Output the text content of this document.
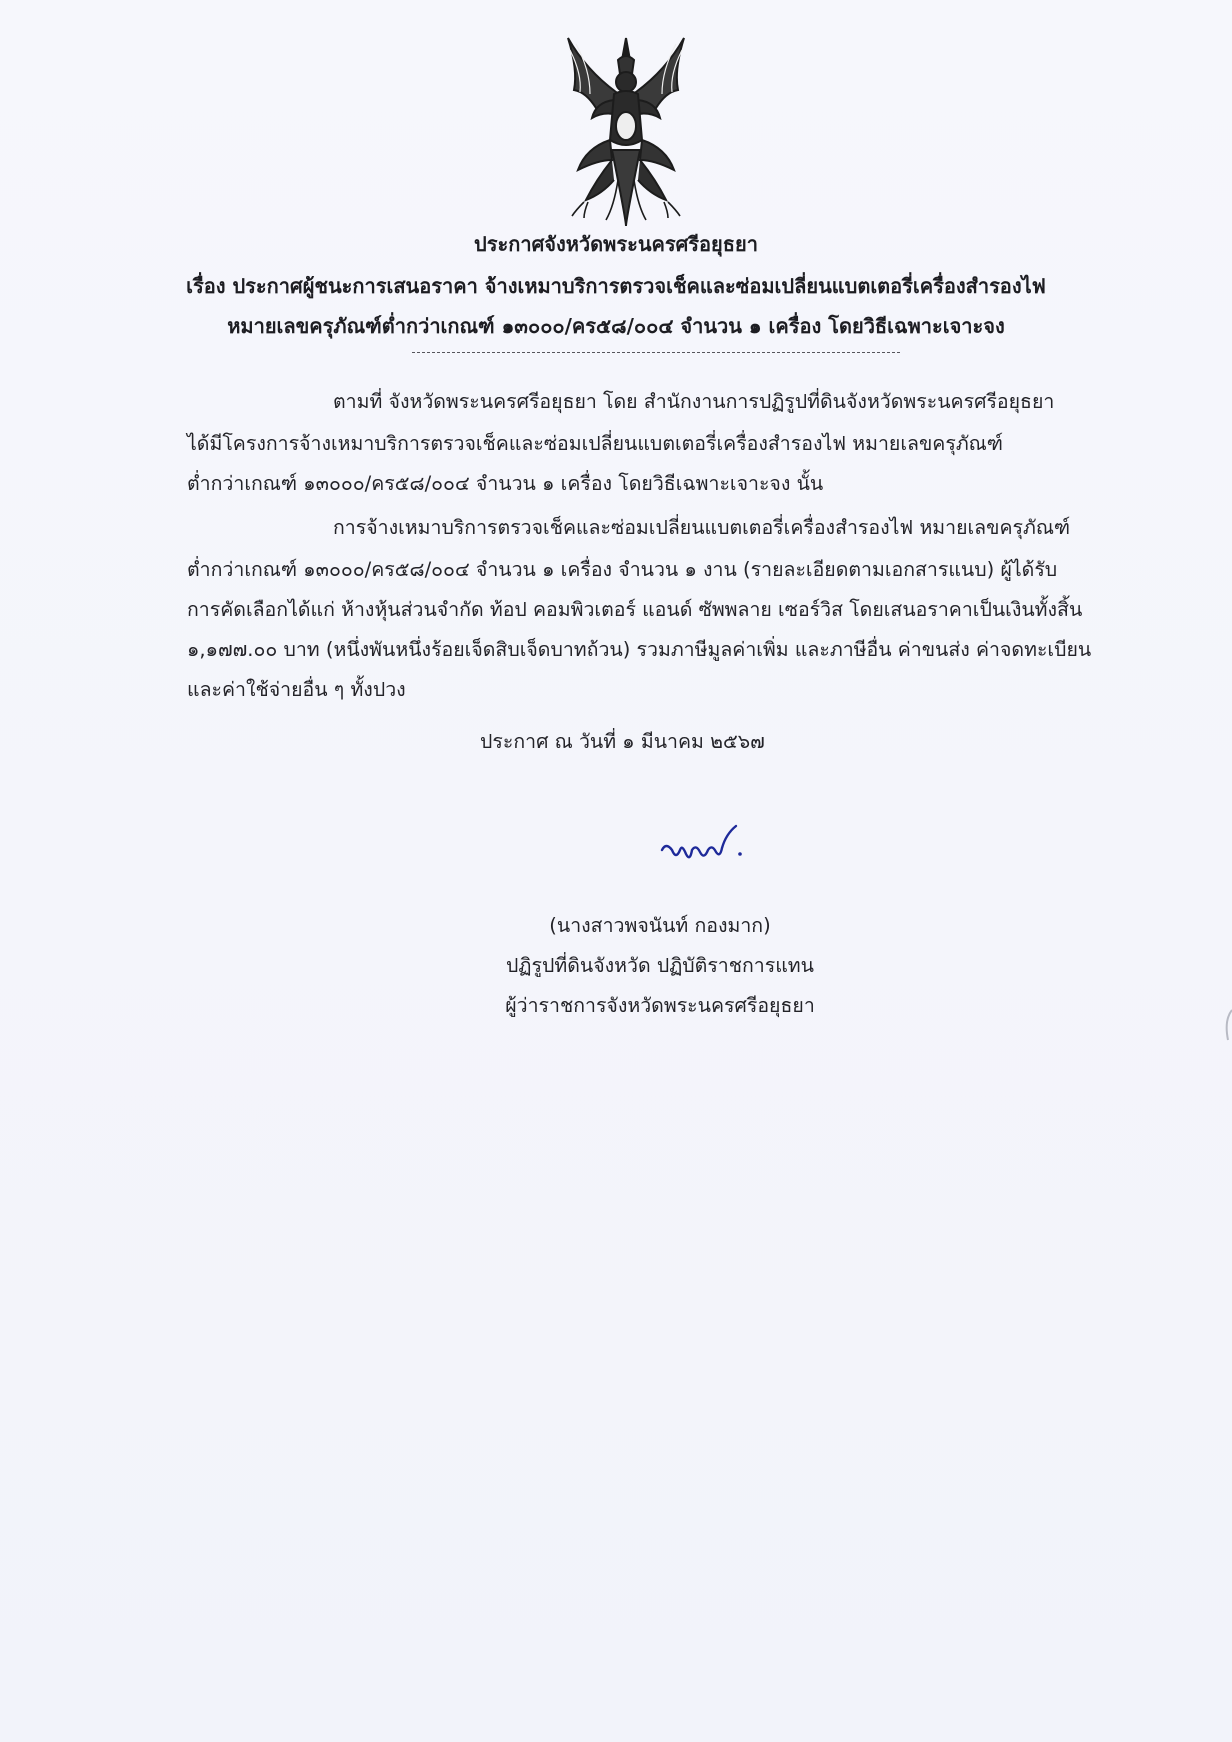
ประกาศจังหวัดพระนครศรีอยุธยา
เรื่อง ประกาศผู้ชนะการเสนอราคา จ้างเหมาบริการตรวจเช็คและซ่อมเปลี่ยนแบตเตอรี่เครื่องสำรองไฟ
หมายเลขครุภัณฑ์ต่ำกว่าเกณฑ์ ๑๓๐๐๐/คร๕๘/๐๐๔ จำนวน ๑ เครื่อง โดยวิธีเฉพาะเจาะจง
ตามที่ จังหวัดพระนครศรีอยุธยา โดย สำนักงานการปฏิรูปที่ดินจังหวัดพระนครศรีอยุธยา
ได้มีโครงการจ้างเหมาบริการตรวจเช็คและซ่อมเปลี่ยนแบตเตอรี่เครื่องสำรองไฟ หมายเลขครุภัณฑ์
ต่ำกว่าเกณฑ์ ๑๓๐๐๐/คร๕๘/๐๐๔ จำนวน ๑ เครื่อง โดยวิธีเฉพาะเจาะจง นั้น
การจ้างเหมาบริการตรวจเช็คและซ่อมเปลี่ยนแบตเตอรี่เครื่องสำรองไฟ หมายเลขครุภัณฑ์
ต่ำกว่าเกณฑ์ ๑๓๐๐๐/คร๕๘/๐๐๔ จำนวน ๑ เครื่อง จำนวน ๑ งาน (รายละเอียดตามเอกสารแนบ) ผู้ได้รับ
การคัดเลือกได้แก่ ห้างหุ้นส่วนจำกัด ท้อป คอมพิวเตอร์ แอนด์ ซัพพลาย เซอร์วิส โดยเสนอราคาเป็นเงินทั้งสิ้น
๑,๑๗๗.๐๐ บาท (หนึ่งพันหนึ่งร้อยเจ็ดสิบเจ็ดบาทถ้วน) รวมภาษีมูลค่าเพิ่ม และภาษีอื่น ค่าขนส่ง ค่าจดทะเบียน
และค่าใช้จ่ายอื่น ๆ ทั้งปวง
ประกาศ ณ วันที่ ๑ มีนาคม ๒๕๖๗
(นางสาวพจนันท์ กองมาก)
ปฏิรูปที่ดินจังหวัด ปฏิบัติราชการแทน
ผู้ว่าราชการจังหวัดพระนครศรีอยุธยา
